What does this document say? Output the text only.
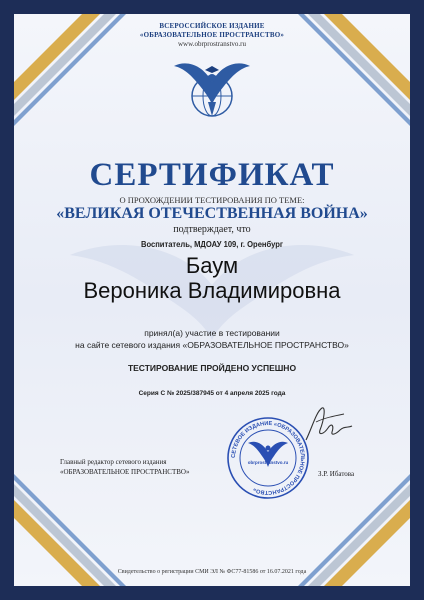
ВСЕРОССИЙСКОЕ ИЗДАНИЕ

«ОБРАЗОВАТЕЛЬНОЕ ПРОСТРАНСТВО»

www.obrprostranstvo.ru

СЕРТИФИКАТ

О ПРОХОЖДЕНИИ ТЕСТИРОВАНИЯ ПО ТЕМЕ:

«ВЕЛИКАЯ ОТЕЧЕСТВЕННАЯ ВОЙНА»

подтверждает, что

Воспитатель, МДОАУ 109, г. Оренбург

Баум

Вероника Владимировна

принял(а) участие в тестировании

на сайте сетевого издания «ОБРАЗОВАТЕЛЬНОЕ ПРОСТРАНСТВО»

ТЕСТИРОВАНИЕ ПРОЙДЕНО УСПЕШНО

Серия С № 2025/387945 от 4 апреля 2025 года

Главный редактор сетевого издания

«ОБРАЗОВАТЕЛЬНОЕ ПРОСТРАНСТВО»

СЕТЕВОЕ ИЗДАНИЕ «ОБРАЗОВАТЕЛЬНОЕ ПРОСТРАНСТВО»

obrprostranstvo.ru

З.Р. Ибатова

Свидетельство о регистрации СМИ ЭЛ № ФС77-81586 от 16.07.2021 года
